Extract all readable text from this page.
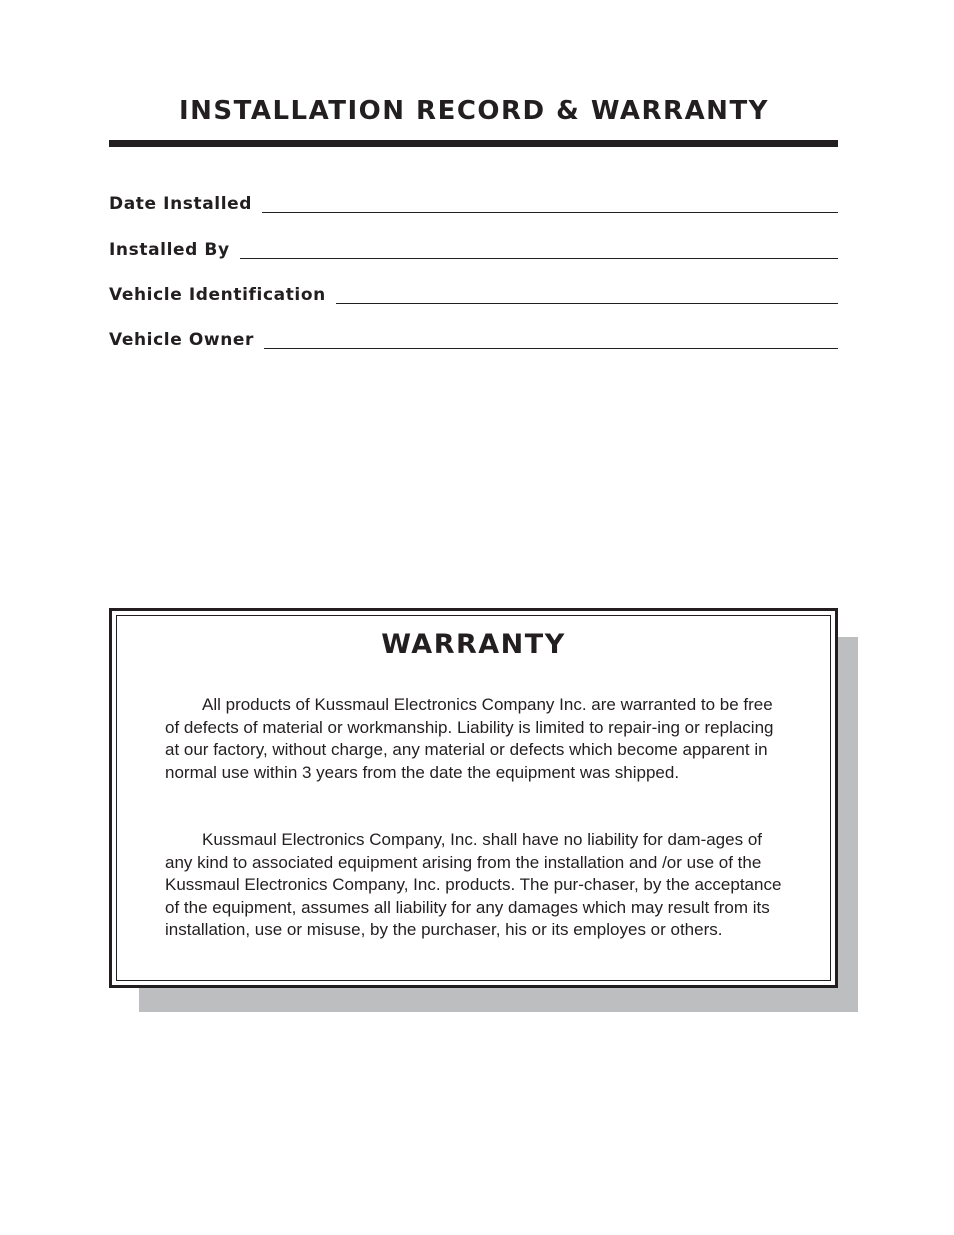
INSTALLATION RECORD & WARRANTY
Date Installed
Installed By
Vehicle Identification
Vehicle Owner
WARRANTY

All products of Kussmaul Electronics Company Inc. are warranted to be free of defects of material or workmanship. Liability is limited to repair-ing or replacing at our factory, without charge, any material or defects which become apparent in normal use within 3 years from the date the equipment was shipped.

Kussmaul Electronics Company, Inc. shall have no liability for dam-ages of any kind to associated equipment arising from the installation and /or use of the Kussmaul Electronics Company, Inc. products. The pur-chaser, by the acceptance of the equipment, assumes all liability for any damages which may result from its installation, use or misuse, by the purchaser, his or its employes or others.
